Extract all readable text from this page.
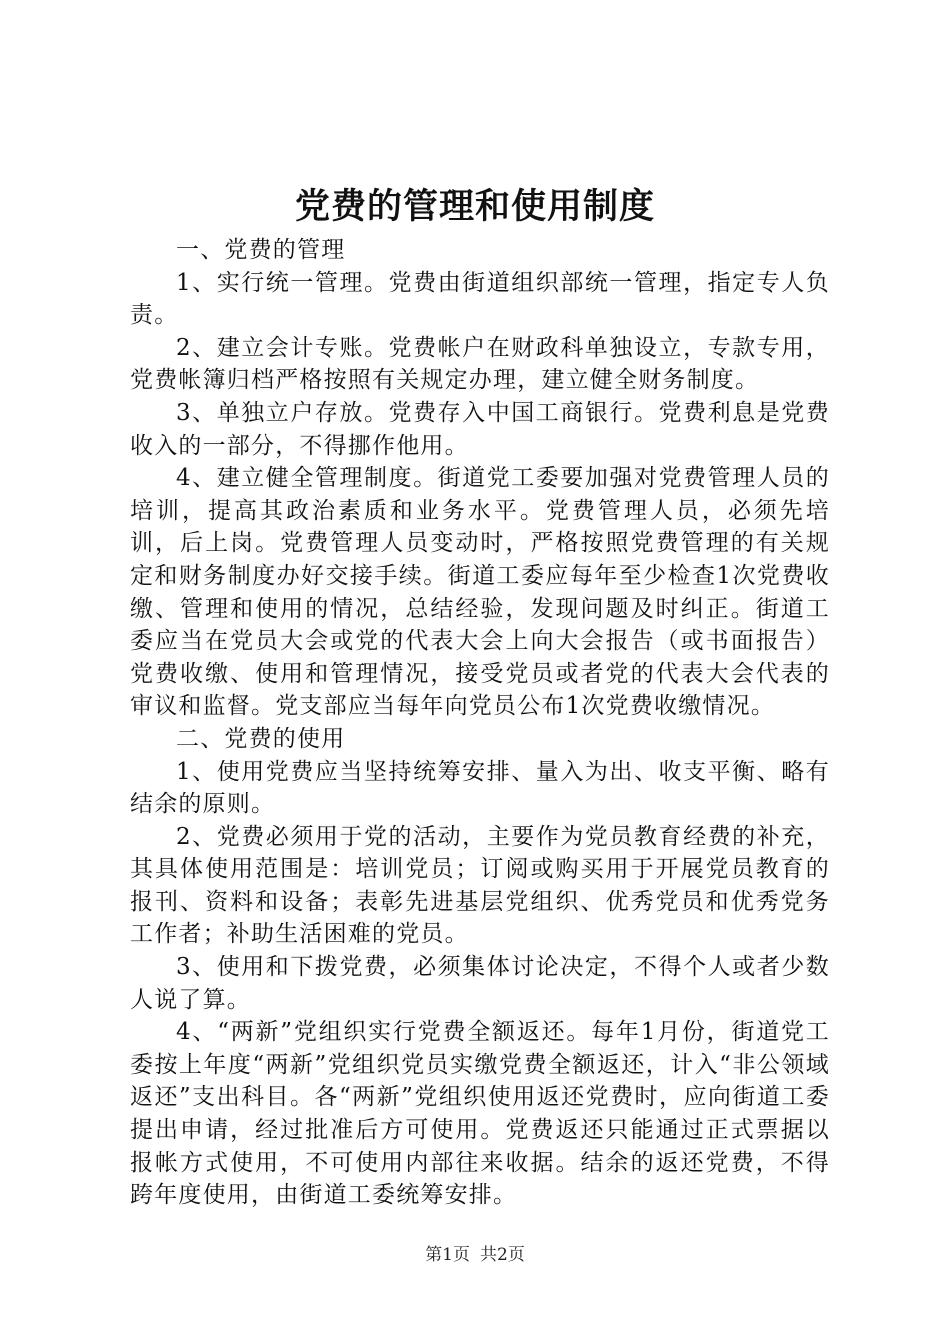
党费的管理和使用制度

一、党费的管理

1、实行统一管理。党费由街道组织部统一管理，指定专人负责。

2、建立会计专账。党费帐户在财政科单独设立，专款专用，党费帐簿归档严格按照有关规定办理，建立健全财务制度。

3、单独立户存放。党费存入中国工商银行。党费利息是党费收入的一部分，不得挪作他用。

4、建立健全管理制度。街道党工委要加强对党费管理人员的培训，提高其政治素质和业务水平。党费管理人员，必须先培训，后上岗。党费管理人员变动时，严格按照党费管理的有关规定和财务制度办好交接手续。街道工委应每年至少检查1次党费收缴、管理和使用的情况，总结经验，发现问题及时纠正。街道工委应当在党员大会或党的代表大会上向大会报告（或书面报告）党费收缴、使用和管理情况，接受党员或者党的代表大会代表的审议和监督。党支部应当每年向党员公布1次党费收缴情况。

二、党费的使用

1、使用党费应当坚持统筹安排、量入为出、收支平衡、略有结余的原则。

2、党费必须用于党的活动，主要作为党员教育经费的补充，其具体使用范围是：培训党员；订阅或购买用于开展党员教育的报刊、资料和设备；表彰先进基层党组织、优秀党员和优秀党务工作者；补助生活困难的党员。

3、使用和下拨党费，必须集体讨论决定，不得个人或者少数人说了算。

4、“两新”党组织实行党费全额返还。每年1月份，街道党工委按上年度“两新”党组织党员实缴党费全额返还，计入“非公领域返还”支出科目。各“两新”党组织使用返还党费时，应向街道工委提出申请，经过批准后方可使用。党费返还只能通过正式票据以报帐方式使用，不可使用内部往来收据。结余的返还党费，不得跨年度使用，由街道工委统筹安排。

第1页 共2页
